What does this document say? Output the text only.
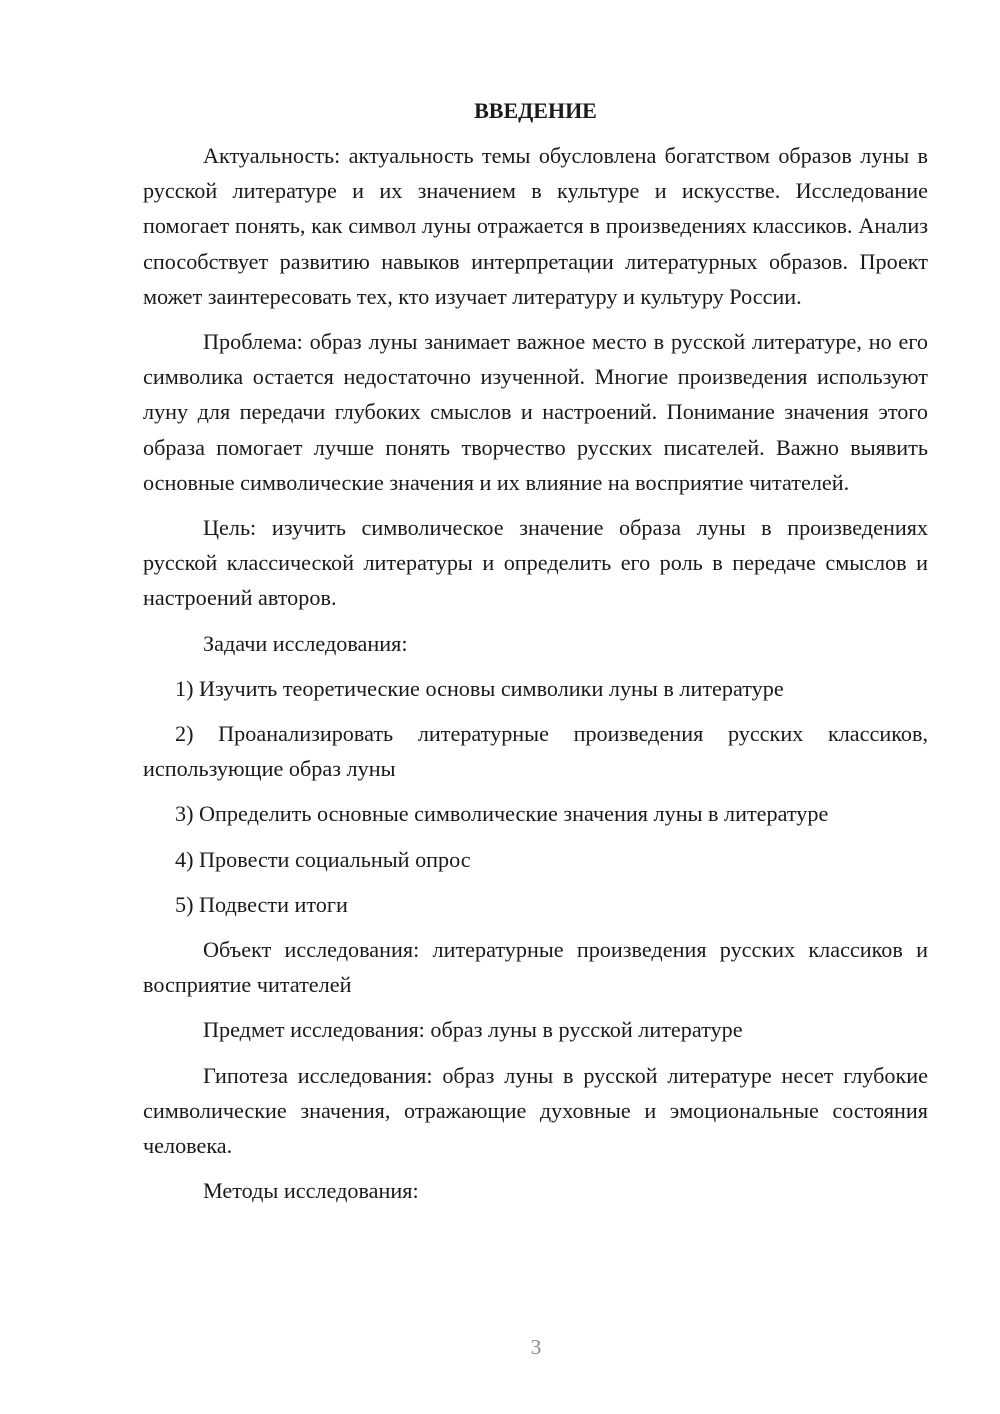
ВВЕДЕНИЕ

Актуальность: актуальность темы обусловлена богатством образов луны в русской литературе и их значением в культуре и искусстве. Исследование помогает понять, как символ луны отражается в произведениях классиков. Анализ способствует развитию навыков интерпретации литературных образов. Проект может заинтересовать тех, кто изучает литературу и культуру России.

Проблема: образ луны занимает важное место в русской литературе, но его символика остается недостаточно изученной. Многие произведения используют луну для передачи глубоких смыслов и настроений. Понимание значения этого образа помогает лучше понять творчество русских писателей. Важно выявить основные символические значения и их влияние на восприятие читателей.

Цель: изучить символическое значение образа луны в произведениях русской классической литературы и определить его роль в передаче смыслов и настроений авторов.

Задачи исследования:

1) Изучить теоретические основы символики луны в литературе

2) Проанализировать литературные произведения русских классиков, использующие образ луны

3) Определить основные символические значения луны в литературе

4) Провести социальный опрос

5) Подвести итоги

Объект исследования: литературные произведения русских классиков и восприятие читателей

Предмет исследования: образ луны в русской литературе

Гипотеза исследования: образ луны в русской литературе несет глубокие символические значения, отражающие духовные и эмоциональные состояния человека.

Методы исследования:

3
